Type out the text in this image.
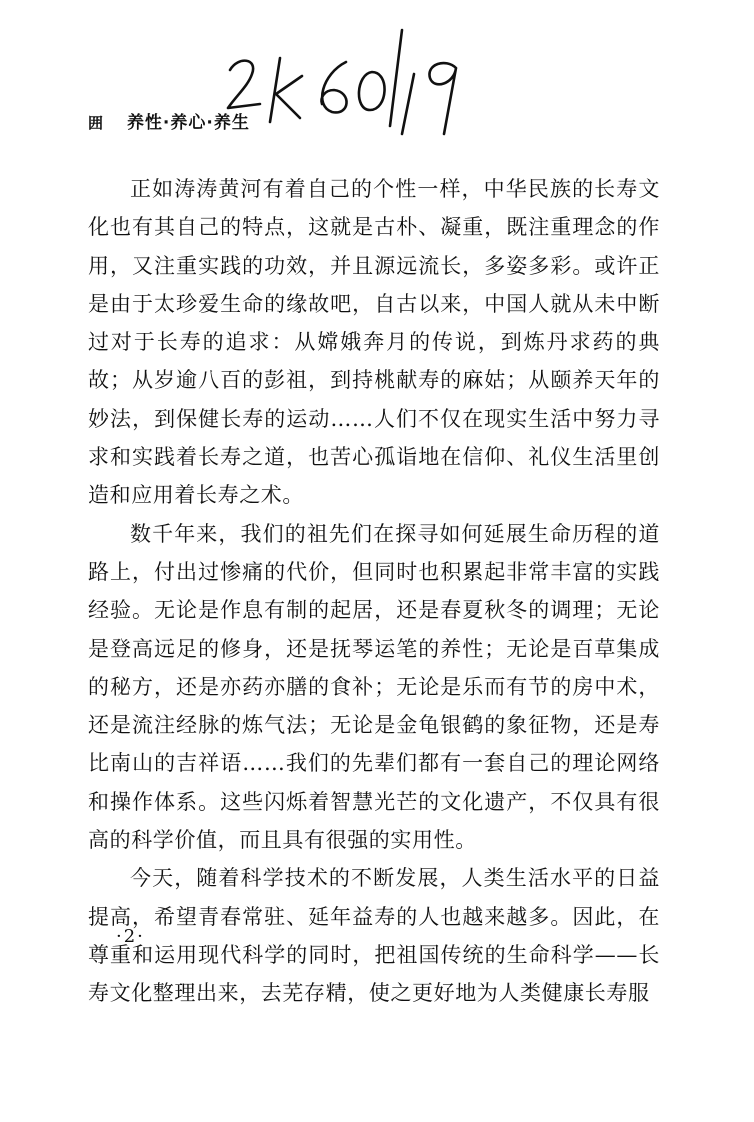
囲 养性·养心·养生

正如涛涛黄河有着自己的个性一样，中华民族的长寿文化也有其自己的特点，这就是古朴、凝重，既注重理念的作用，又注重实践的功效，并且源远流长，多姿多彩。或许正是由于太珍爱生命的缘故吧，自古以来，中国人就从未中断过对于长寿的追求：从嫦娥奔月的传说，到炼丹求药的典故；从岁逾八百的彭祖，到持桃献寿的麻姑；从颐养天年的妙法，到保健长寿的运动……人们不仅在现实生活中努力寻求和实践着长寿之道，也苦心孤诣地在信仰、礼仪生活里创造和应用着长寿之术。

数千年来，我们的祖先们在探寻如何延展生命历程的道路上，付出过惨痛的代价，但同时也积累起非常丰富的实践经验。无论是作息有制的起居，还是春夏秋冬的调理；无论是登高远足的修身，还是抚琴运笔的养性；无论是百草集成的秘方，还是亦药亦膳的食补；无论是乐而有节的房中术，还是流注经脉的炼气法；无论是金龟银鹤的象征物，还是寿比南山的吉祥语……我们的先辈们都有一套自己的理论网络和操作体系。这些闪烁着智慧光芒的文化遗产，不仅具有很高的科学价值，而且具有很强的实用性。

今天，随着科学技术的不断发展，人类生活水平的日益提高，希望青春常驻、延年益寿的人也越来越多。因此，在尊重和运用现代科学的同时，把祖国传统的生命科学——长寿文化整理出来，去芜存精，使之更好地为人类健康长寿服

·2·
